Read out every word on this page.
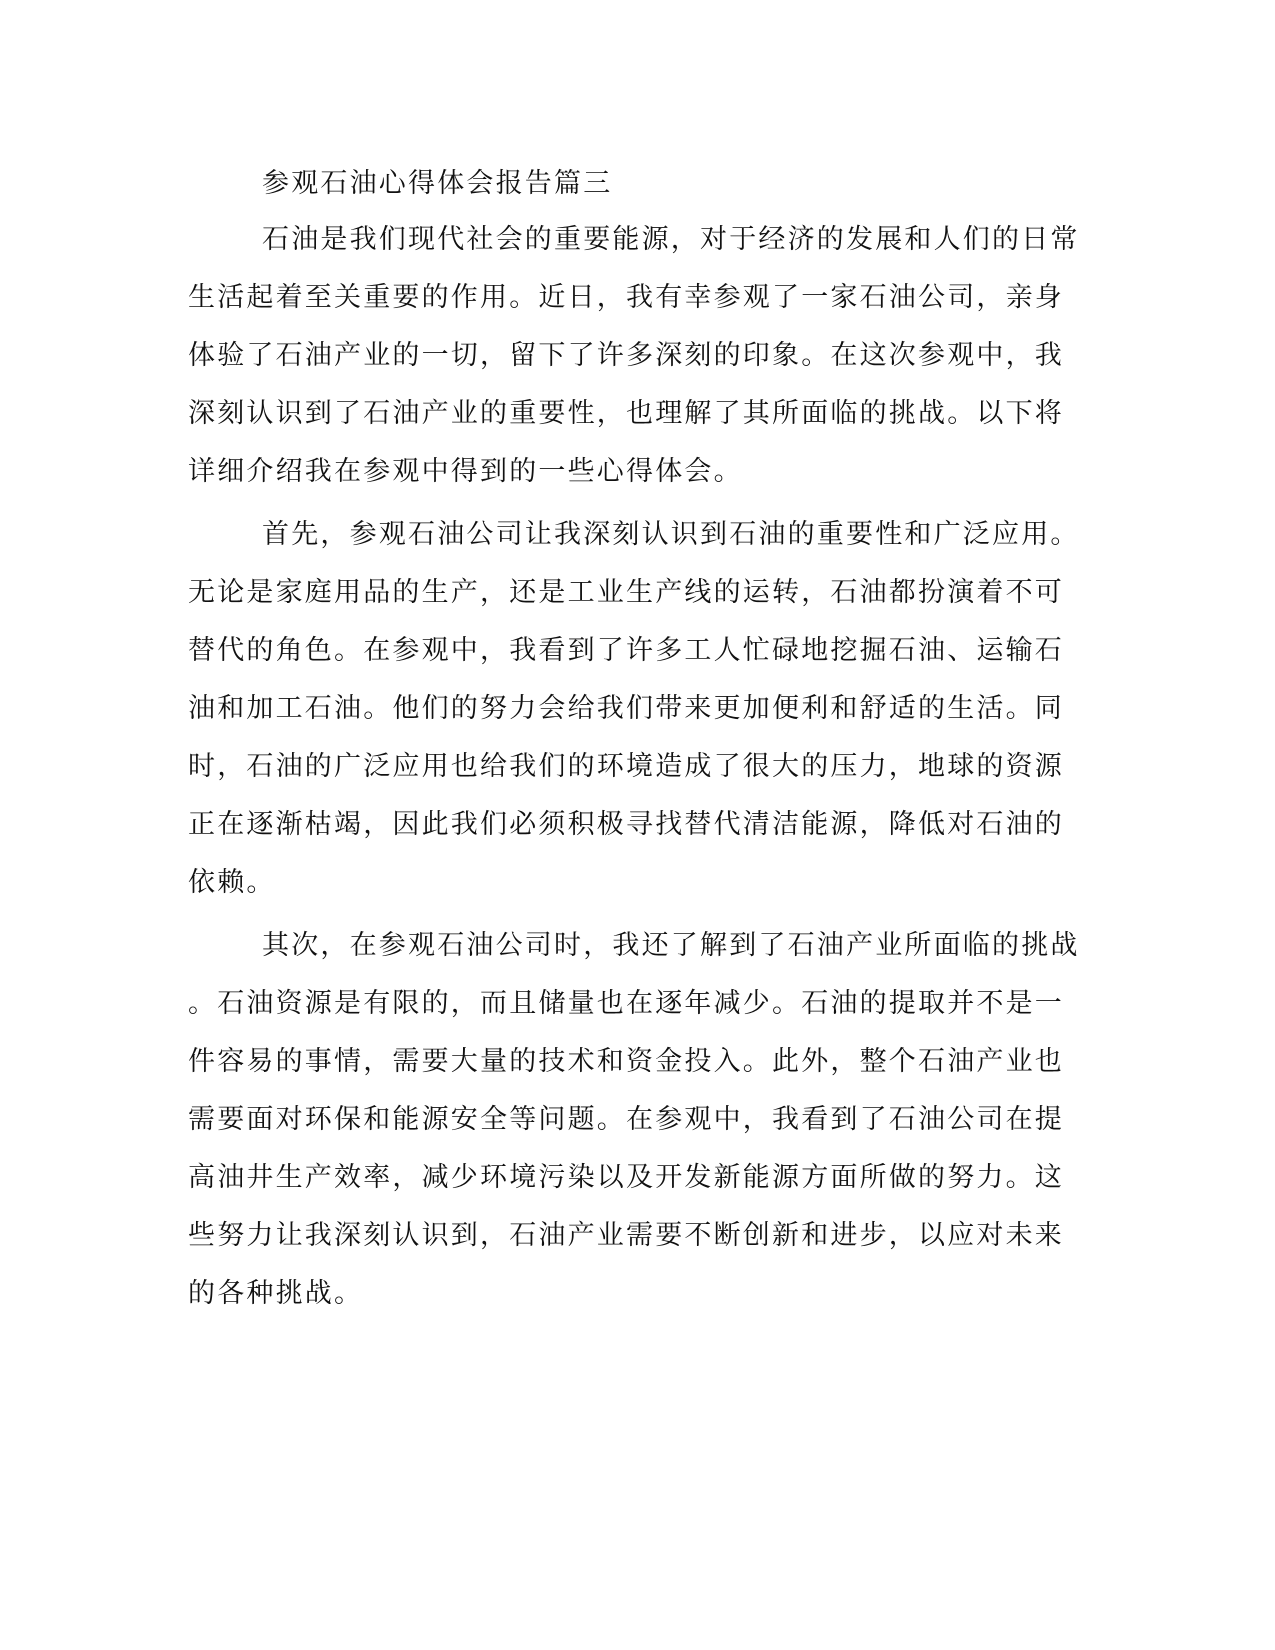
参观石油心得体会报告篇三

石油是我们现代社会的重要能源，对于经济的发展和人们的日常

生活起着至关重要的作用。近日，我有幸参观了一家石油公司，亲身

体验了石油产业的一切，留下了许多深刻的印象。在这次参观中，我

深刻认识到了石油产业的重要性，也理解了其所面临的挑战。以下将

详细介绍我在参观中得到的一些心得体会。

首先，参观石油公司让我深刻认识到石油的重要性和广泛应用。

无论是家庭用品的生产，还是工业生产线的运转，石油都扮演着不可

替代的角色。在参观中，我看到了许多工人忙碌地挖掘石油、运输石

油和加工石油。他们的努力会给我们带来更加便利和舒适的生活。同

时，石油的广泛应用也给我们的环境造成了很大的压力，地球的资源

正在逐渐枯竭，因此我们必须积极寻找替代清洁能源，降低对石油的

依赖。

其次，在参观石油公司时，我还了解到了石油产业所面临的挑战

。石油资源是有限的，而且储量也在逐年减少。石油的提取并不是一

件容易的事情，需要大量的技术和资金投入。此外，整个石油产业也

需要面对环保和能源安全等问题。在参观中，我看到了石油公司在提

高油井生产效率，减少环境污染以及开发新能源方面所做的努力。这

些努力让我深刻认识到，石油产业需要不断创新和进步，以应对未来

的各种挑战。
